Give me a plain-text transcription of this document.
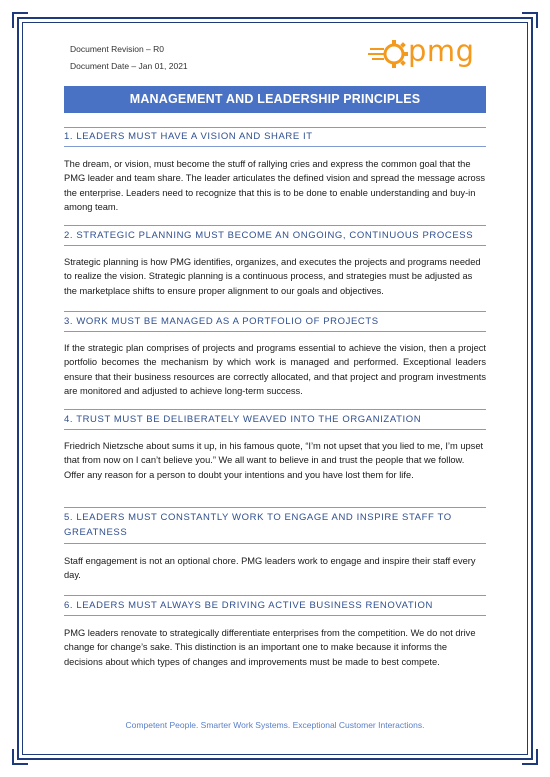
Document Revision – R0
Document Date – Jan 01, 2021	pmg
MANAGEMENT AND LEADERSHIP PRINCIPLES
1. LEADERS MUST HAVE A VISION AND SHARE IT
The dream, or vision, must become the stuff of rallying cries and express the common goal that the PMG leader and team share. The leader articulates the defined vision and spread the message across the enterprise. Leaders need to recognize that this is to be done to enable understanding and buy-in among team.
2. STRATEGIC PLANNING MUST BECOME AN ONGOING, CONTINUOUS PROCESS
Strategic planning is how PMG identifies, organizes, and executes the projects and programs needed to realize the vision. Strategic planning is a continuous process, and strategies must be adjusted as the marketplace shifts to ensure proper alignment to our goals and objectives.
3. WORK MUST BE MANAGED AS A PORTFOLIO OF PROJECTS
If the strategic plan comprises of projects and programs essential to achieve the vision, then a project portfolio becomes the mechanism by which work is managed and performed. Exceptional leaders ensure that their business resources are correctly allocated, and that project and program investments are monitored and adjusted to achieve long-term success.
4. TRUST MUST BE DELIBERATELY WEAVED INTO THE ORGANIZATION
Friedrich Nietzsche about sums it up, in his famous quote, “I’m not upset that you lied to me, I’m upset that from now on I can’t believe you.” We all want to believe in and trust the people that we follow. Offer any reason for a person to doubt your intentions and you have lost them for life.
5. LEADERS MUST CONSTANTLY WORK TO ENGAGE AND INSPIRE STAFF TO GREATNESS
Staff engagement is not an optional chore. PMG leaders work to engage and inspire their staff every day.
6. LEADERS MUST ALWAYS BE DRIVING ACTIVE BUSINESS RENOVATION
PMG leaders renovate to strategically differentiate enterprises from the competition. We do not drive change for change’s sake. This distinction is an important one to make because it informs the decisions about which types of changes and improvements must be made to best compete.
Competent People. Smarter Work Systems. Exceptional Customer Interactions.
